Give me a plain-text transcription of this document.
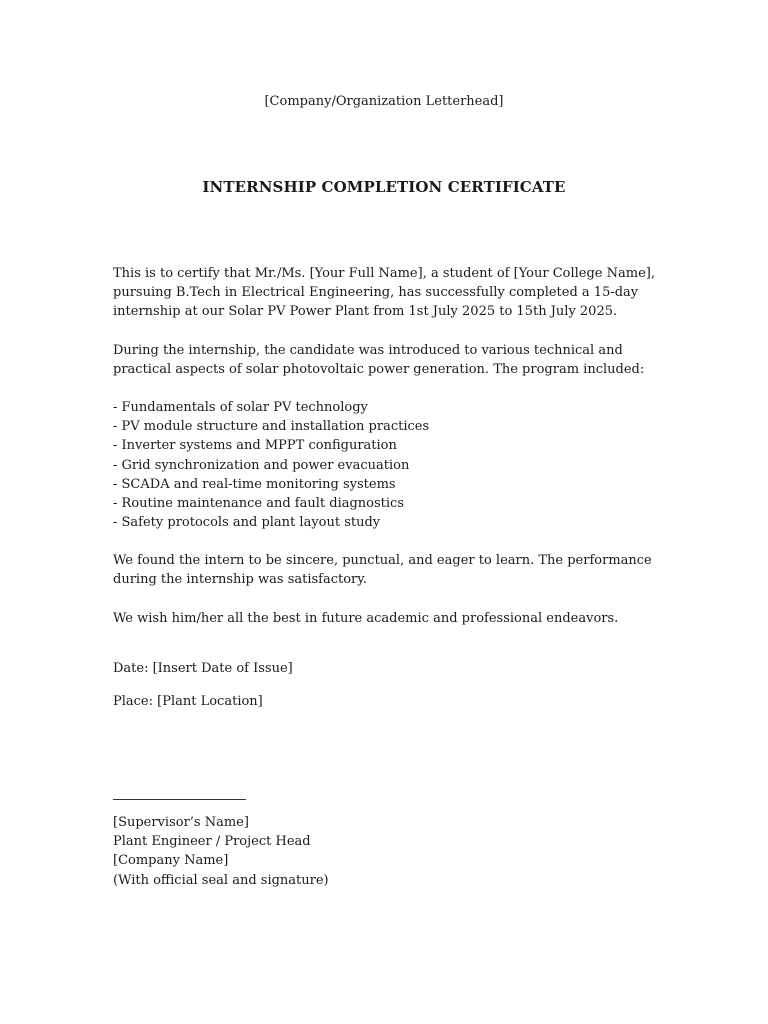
[Company/Organization Letterhead]
INTERNSHIP COMPLETION CERTIFICATE

This is to certify that Mr./Ms. [Your Full Name], a student of [Your College Name], pursuing B.Tech in Electrical Engineering, has successfully completed a 15-day internship at our Solar PV Power Plant from 1st July 2025 to 15th July 2025.

During the internship, the candidate was introduced to various technical and practical aspects of solar photovoltaic power generation. The program included:

- Fundamentals of solar PV technology
- PV module structure and installation practices
- Inverter systems and MPPT configuration
- Grid synchronization and power evacuation
- SCADA and real-time monitoring systems
- Routine maintenance and fault diagnostics
- Safety protocols and plant layout study

We found the intern to be sincere, punctual, and eager to learn. The performance during the internship was satisfactory.

We wish him/her all the best in future academic and professional endeavors.

Date: [Insert Date of Issue]

Place: [Plant Location]

[Supervisor’s Name]
Plant Engineer / Project Head
[Company Name]
(With official seal and signature)
